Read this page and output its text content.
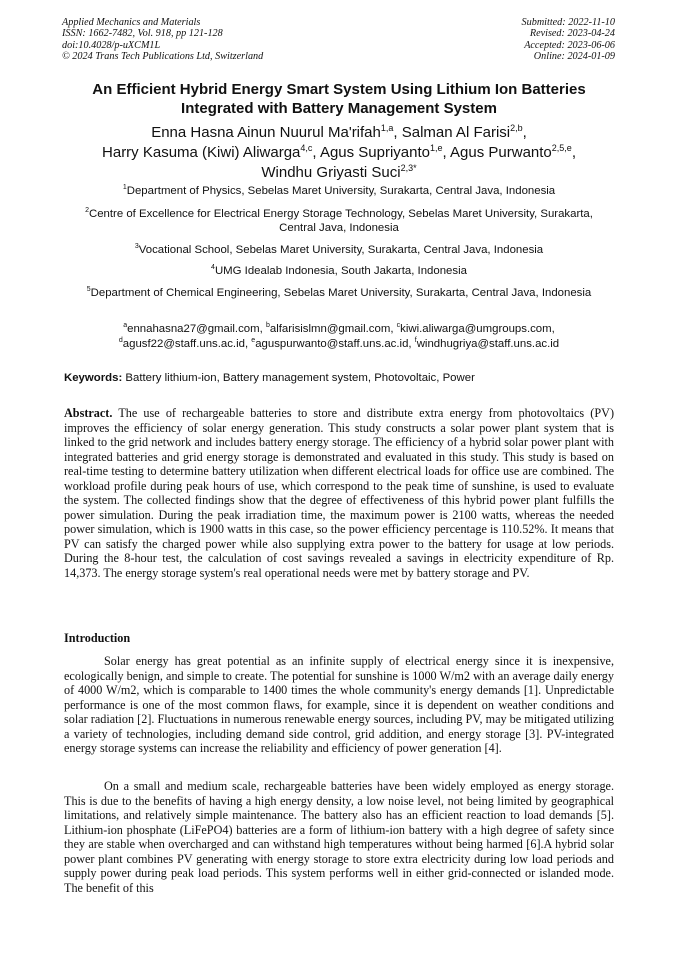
Applied Mechanics and Materials
ISSN: 1662-7482, Vol. 918, pp 121-128
doi:10.4028/p-uXCM1L
© 2024 Trans Tech Publications Ltd, Switzerland
Submitted: 2022-11-10
Revised: 2023-04-24
Accepted: 2023-06-06
Online: 2024-01-09
An Efficient Hybrid Energy Smart System Using Lithium Ion Batteries
Integrated with Battery Management System
Enna Hasna Ainun Nuurul Ma'rifah$^{1,a}$, Salman Al Farisi$^{2,b}$,
Harry Kasuma (Kiwi) Aliwarga$^{4,c}$, Agus Supriyanto$^{1,e}$, Agus Purwanto$^{2,5,e}$,
Windhu Griyasti Suci$^{2,3*}$
$^1$Department of Physics, Sebelas Maret University, Surakarta, Central Java, Indonesia
$^2$Centre of Excellence for Electrical Energy Storage Technology, Sebelas Maret University, Surakarta, Central Java, Indonesia
$^3$Vocational School, Sebelas Maret University, Surakarta, Central Java, Indonesia
$^4$UMG Idealab Indonesia, South Jakarta, Indonesia
$^5$Department of Chemical Engineering, Sebelas Maret University, Surakarta, Central Java, Indonesia
$^a$ennahasna27@gmail.com, $^b$alfarisislmn@gmail.com, $^c$kiwi.aliwarga@umgroups.com,
$^d$agusf22@staff.uns.ac.id, $^e$aguspurwanto@staff.uns.ac.id, $^f$windhugriya@staff.uns.ac.id
Keywords: Battery lithium-ion, Battery management system, Photovoltaic, Power

Abstract. The use of rechargeable batteries to store and distribute extra energy from photovoltaics (PV) improves the efficiency of solar energy generation. This study constructs a solar power plant system that is linked to the grid network and includes battery energy storage. The efficiency of a hybrid solar power plant with integrated batteries and grid energy storage is demonstrated and evaluated in this study. This study is based on real-time testing to determine battery utilization when different electrical loads for office use are combined. The workload profile during peak hours of use, which correspond to the peak time of sunshine, is used to evaluate the system. The collected findings show that the degree of effectiveness of this hybrid power plant fulfills the power simulation. During the peak irradiation time, the maximum power is 2100 watts, whereas the needed power simulation, which is 1900 watts in this case, so the power efficiency percentage is 110.52%. It means that PV can satisfy the charged power while also supplying extra power to the battery for usage at low periods. During the 8-hour test, the calculation of cost savings revealed a savings in electricity expenditure of Rp. 14,373. The energy storage system's real operational needs were met by battery storage and PV.

Introduction

Solar energy has great potential as an infinite supply of electrical energy since it is inexpensive, ecologically benign, and simple to create. The potential for sunshine is 1000 W/m2 with an average daily energy of 4000 W/m2, which is comparable to 1400 times the whole community's energy demands [1]. Unpredictable performance is one of the most common flaws, for example, since it is dependent on weather conditions and solar radiation [2]. Fluctuations in numerous renewable energy sources, including PV, may be mitigated utilizing a variety of technologies, including demand side control, grid addition, and energy storage [3]. PV-integrated energy storage systems can increase the reliability and efficiency of power generation [4].

On a small and medium scale, rechargeable batteries have been widely employed as energy storage. This is due to the benefits of having a high energy density, a low noise level, not being limited by geographical limitations, and relatively simple maintenance. The battery also has an efficient reaction to load demands [5]. Lithium-ion phosphate (LiFePO4) batteries are a form of lithium-ion battery with a high degree of safety since they are stable when overcharged and can withstand high temperatures without being harmed [6].A hybrid solar power plant combines PV generating with energy storage to store extra electricity during low load periods and supply power during peak load periods. This system performs well in either grid-connected or islanded mode. The benefit of this
